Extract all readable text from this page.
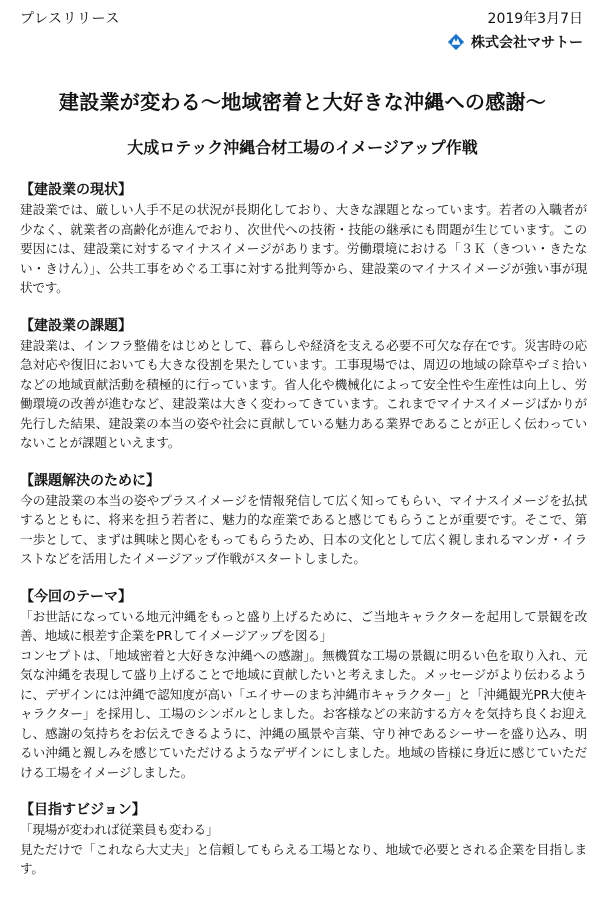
プレスリリース	2019年3月7日
株式会社マサトー
建設業が変わる～地域密着と大好きな沖縄への感謝～
大成ロテック沖縄合材工場のイメージアップ作戦

【建設業の現状】

建設業では、厳しい人手不足の状況が長期化しており、大きな課題となっています。若者の入職者が少なく、就業者の高齢化が進んでおり、次世代への技術・技能の継承にも問題が生じています。この要因には、建設業に対するマイナスイメージがあります。労働環境における「３Ｋ（きつい・きたない・きけん）」、公共工事をめぐる工事に対する批判等から、建設業のマイナスイメージが強い事が現状です。

【建設業の課題】

建設業は、インフラ整備をはじめとして、暮らしや経済を支える必要不可欠な存在です。災害時の応急対応や復旧においても大きな役割を果たしています。工事現場では、周辺の地域の除草やゴミ拾いなどの地域貢献活動を積極的に行っています。省人化や機械化によって安全性や生産性は向上し、労働環境の改善が進むなど、建設業は大きく変わってきています。これまでマイナスイメージばかりが先行した結果、建設業の本当の姿や社会に貢献している魅力ある業界であることが正しく伝わっていないことが課題といえます。

【課題解決のために】

今の建設業の本当の姿やプラスイメージを情報発信して広く知ってもらい、マイナスイメージを払拭するとともに、将来を担う若者に、魅力的な産業であると感じてもらうことが重要です。そこで、第一歩として、まずは興味と関心をもってもらうため、日本の文化として広く親しまれるマンガ・イラストなどを活用したイメージアップ作戦がスタートしました。

【今回のテーマ】

「お世話になっている地元沖縄をもっと盛り上げるために、ご当地キャラクターを起用して景観を改善、地域に根差す企業をPRしてイメージアップを図る」

コンセプトは、「地域密着と大好きな沖縄への感謝」。無機質な工場の景観に明るい色を取り入れ、元気な沖縄を表現して盛り上げることで地域に貢献したいと考えました。メッセージがより伝わるように、デザインには沖縄で認知度が高い「エイサーのまち沖縄市キャラクター」と「沖縄観光PR大使キャラクター」を採用し、工場のシンボルとしました。お客様などの来訪する方々を気持ち良くお迎えし、感謝の気持ちをお伝えできるように、沖縄の風景や言葉、守り神であるシーサーを盛り込み、明るい沖縄と親しみを感じていただけるようなデザインにしました。地域の皆様に身近に感じていただける工場をイメージしました。

【目指すビジョン】

「現場が変われば従業員も変わる」

見ただけで「これなら大丈夫」と信頼してもらえる工場となり、地域で必要とされる企業を目指します。
